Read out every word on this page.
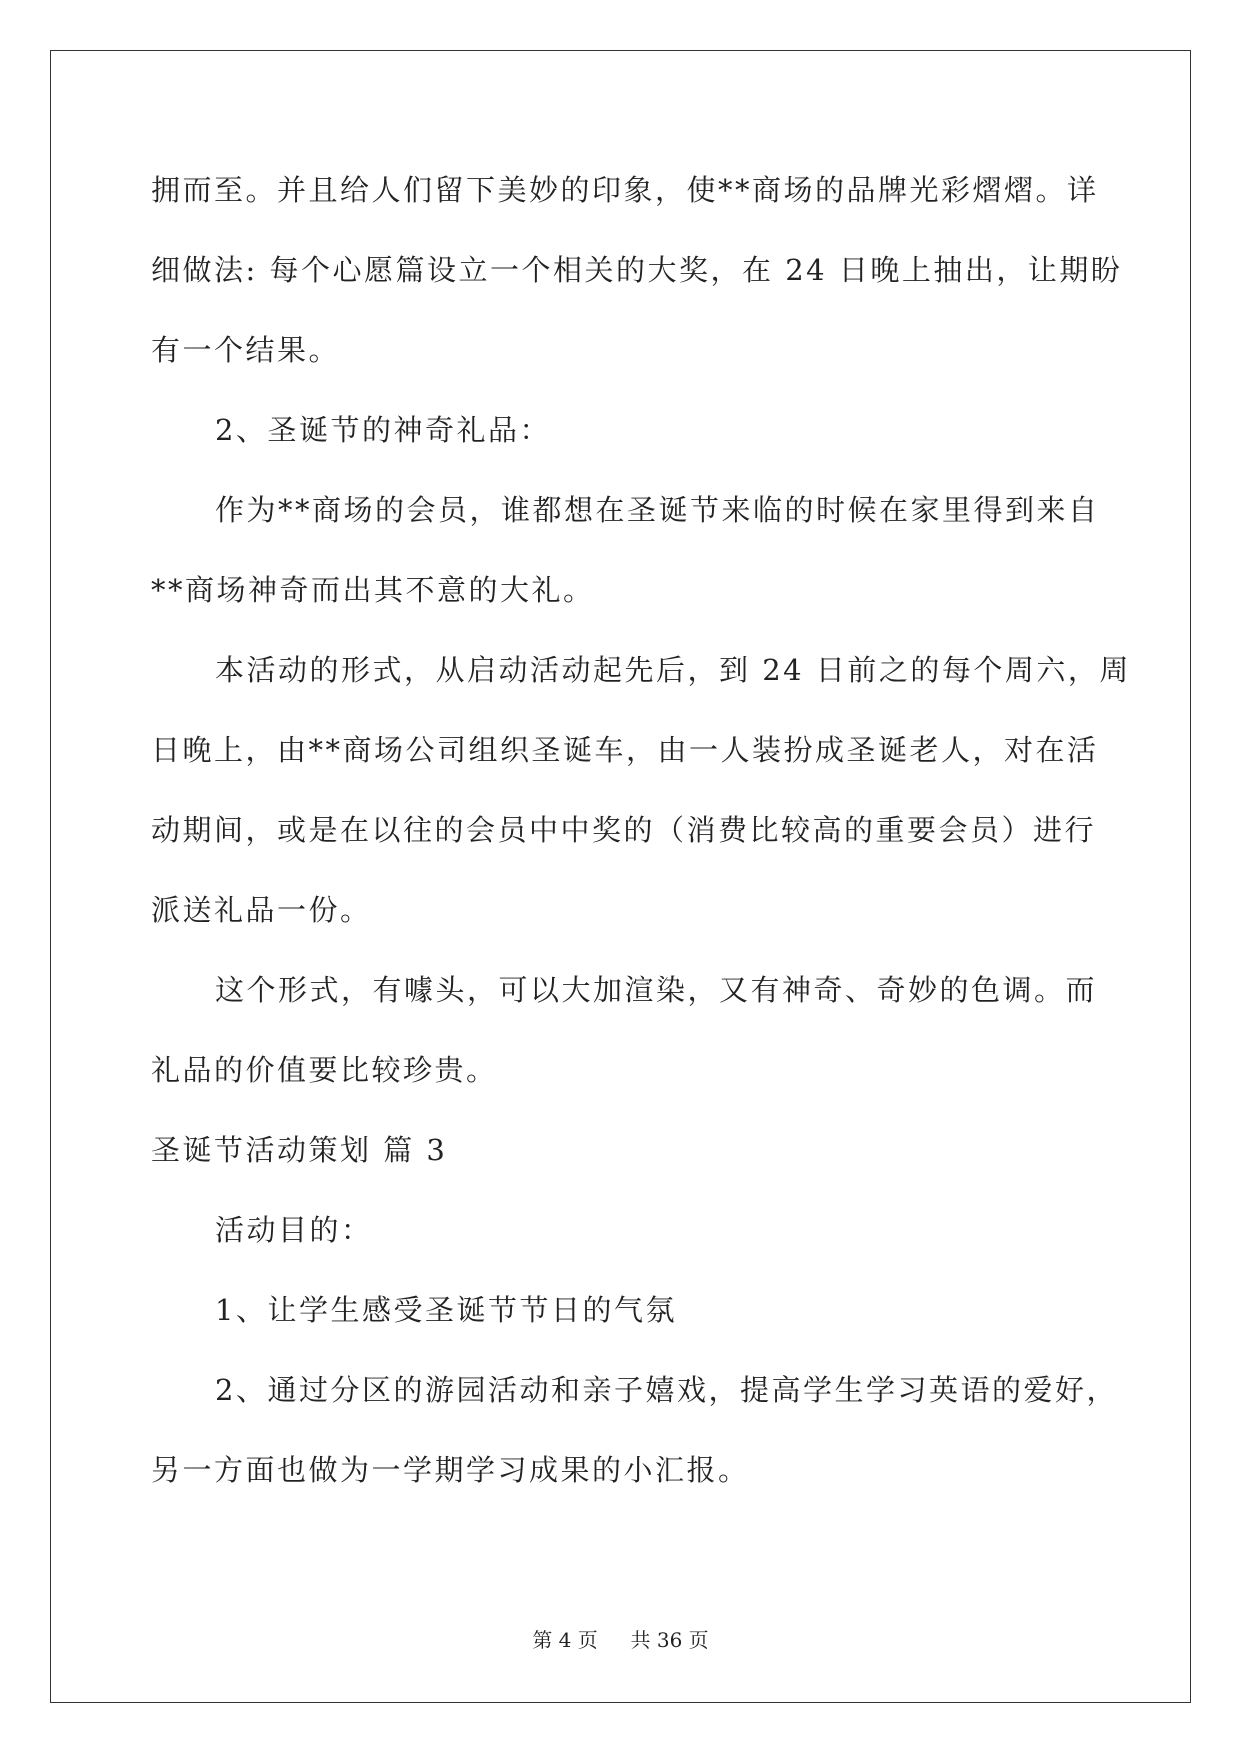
拥而至。并且给人们留下美妙的印象，使**商场的品牌光彩熠熠。详
细做法: 每个心愿篇设立一个相关的大奖，在 24 日晚上抽出，让期盼
有一个结果。
2、圣诞节的神奇礼品：
作为**商场的会员，谁都想在圣诞节来临的时候在家里得到来自
**商场神奇而出其不意的大礼。
本活动的形式，从启动活动起先后，到 24 日前之的每个周六，周
日晚上，由**商场公司组织圣诞车，由一人装扮成圣诞老人，对在活
动期间，或是在以往的会员中中奖的（消费比较高的重要会员）进行
派送礼品一份。
这个形式，有噱头，可以大加渲染，又有神奇、奇妙的色调。而
礼品的价值要比较珍贵。
圣诞节活动策划 篇 3
活动目的：
1、让学生感受圣诞节节日的气氛
2、通过分区的游园活动和亲子嬉戏，提高学生学习英语的爱好，
另一方面也做为一学期学习成果的小汇报。
第 4 页 共 36 页
